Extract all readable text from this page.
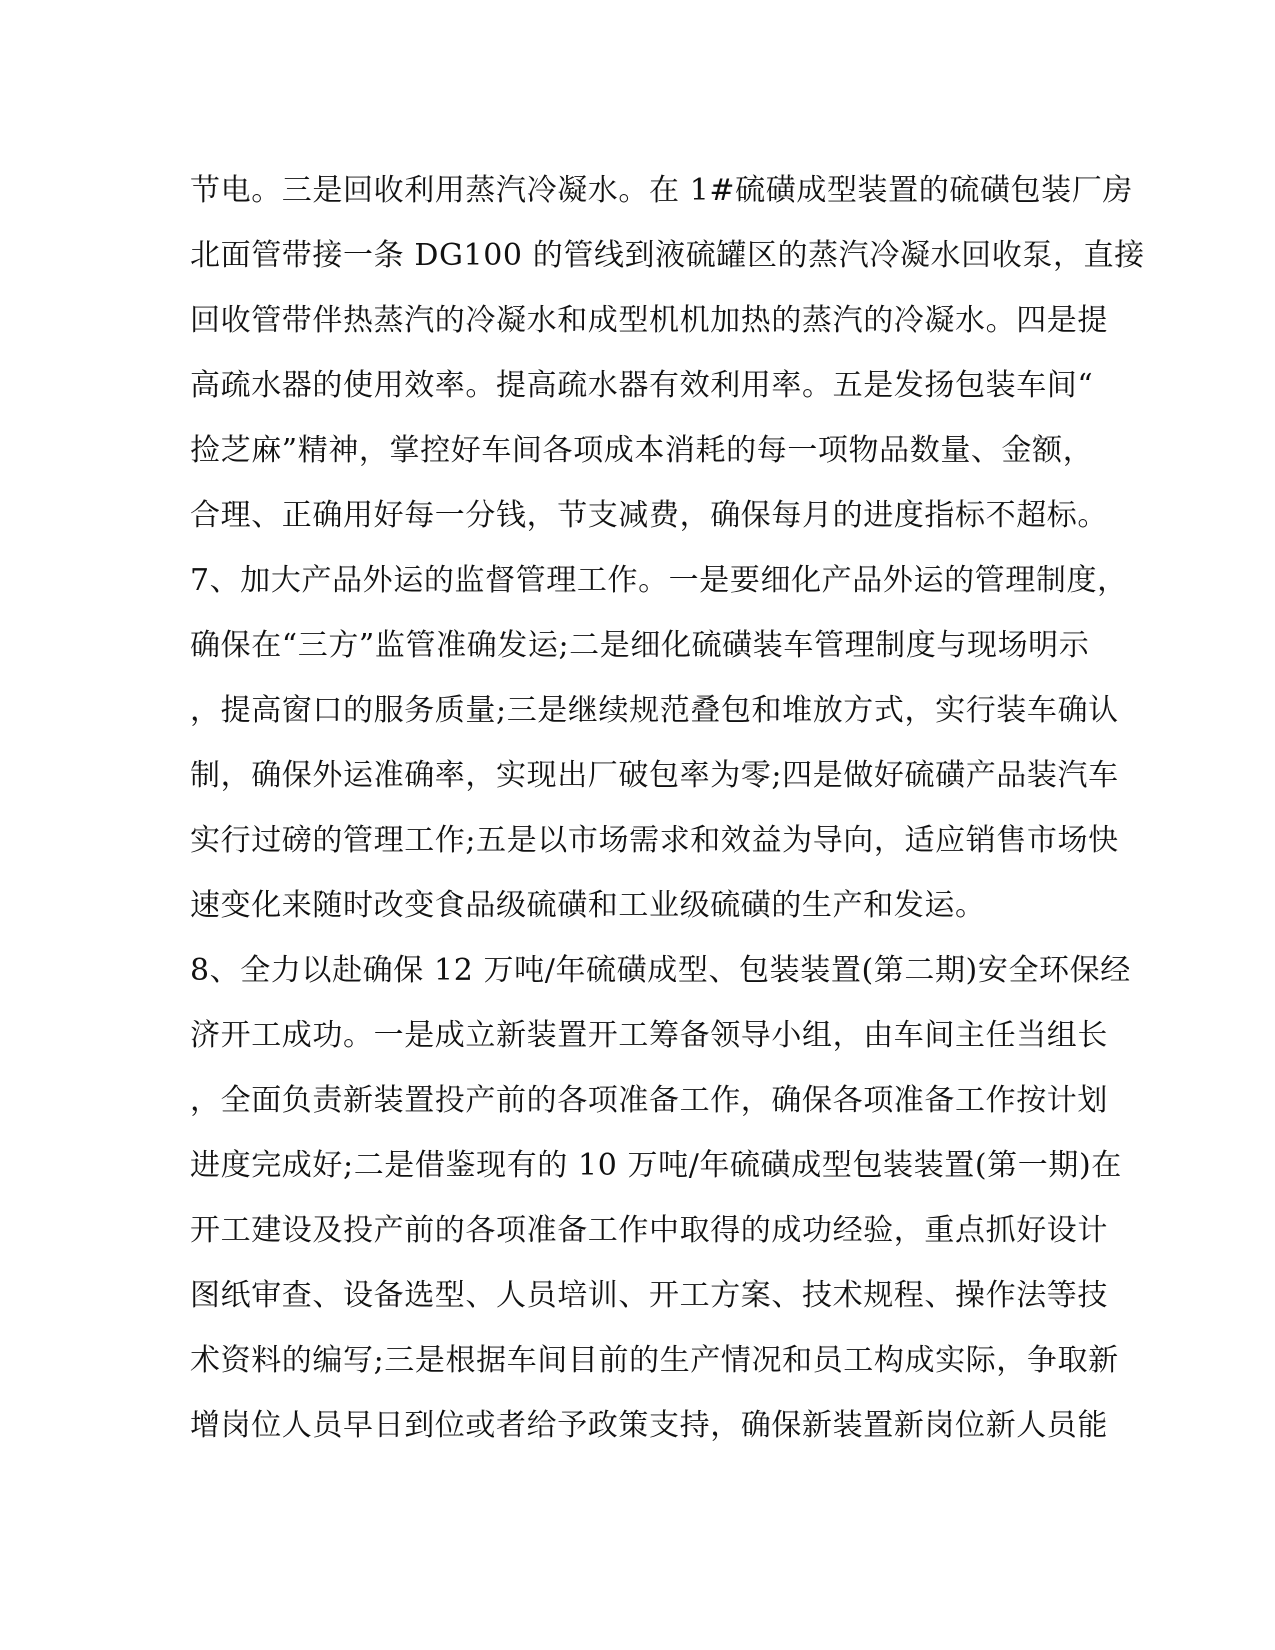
节电。三是回收利用蒸汽冷凝水。在 1#硫磺成型装置的硫磺包装厂房
北面管带接一条 DG100 的管线到液硫罐区的蒸汽冷凝水回收泵，直接
回收管带伴热蒸汽的冷凝水和成型机机加热的蒸汽的冷凝水。四是提
高疏水器的使用效率。提高疏水器有效利用率。五是发扬包装车间“
捡芝麻”精神，掌控好车间各项成本消耗的每一项物品数量、金额，
合理、正确用好每一分钱，节支减费，确保每月的进度指标不超标。
7、加大产品外运的监督管理工作。一是要细化产品外运的管理制度，
确保在“三方”监管准确发运;二是细化硫磺装车管理制度与现场明示
，提高窗口的服务质量;三是继续规范叠包和堆放方式，实行装车确认
制，确保外运准确率，实现出厂破包率为零;四是做好硫磺产品装汽车
实行过磅的管理工作;五是以市场需求和效益为导向，适应销售市场快
速变化来随时改变食品级硫磺和工业级硫磺的生产和发运。
8、全力以赴确保 12 万吨/年硫磺成型、包装装置(第二期)安全环保经
济开工成功。一是成立新装置开工筹备领导小组，由车间主任当组长
，全面负责新装置投产前的各项准备工作，确保各项准备工作按计划
进度完成好;二是借鉴现有的 10 万吨/年硫磺成型包装装置(第一期)在
开工建设及投产前的各项准备工作中取得的成功经验，重点抓好设计
图纸审查、设备选型、人员培训、开工方案、技术规程、操作法等技
术资料的编写;三是根据车间目前的生产情况和员工构成实际，争取新
增岗位人员早日到位或者给予政策支持，确保新装置新岗位新人员能
